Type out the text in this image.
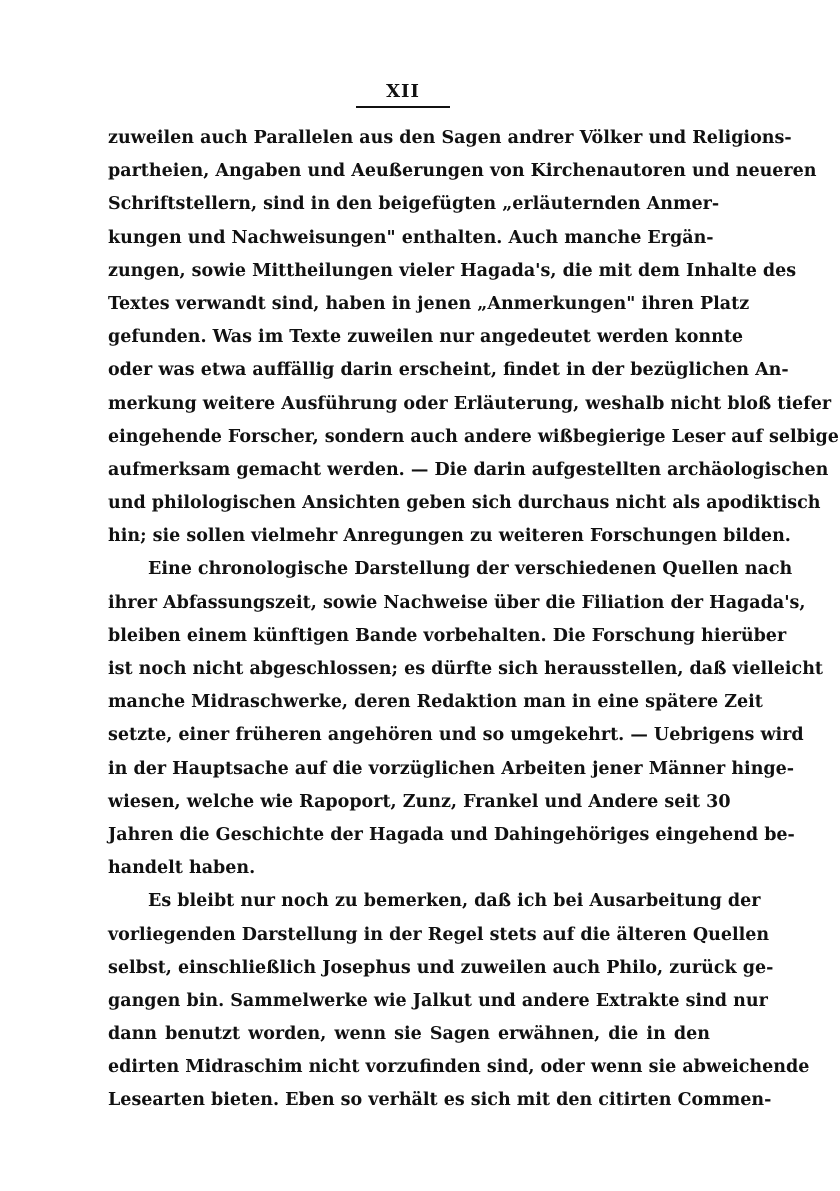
XII
zuweilen auch Parallelen aus den Sagen andrer Völker und Religions-
partheien, Angaben und Aeußerungen von Kirchenautoren und neueren
Schriftstellern, sind in den beigefügten „erläuternden Anmer-
kungen und Nachweisungen" enthalten. Auch manche Ergän-
zungen, sowie Mittheilungen vieler Hagada's, die mit dem Inhalte des
Textes verwandt sind, haben in jenen „Anmerkungen" ihren Platz
gefunden. Was im Texte zuweilen nur angedeutet werden konnte
oder was etwa auffällig darin erscheint, findet in der bezüglichen An-
merkung weitere Ausführung oder Erläuterung, weshalb nicht bloß tiefer
eingehende Forscher, sondern auch andere wißbegierige Leser auf selbige
aufmerksam gemacht werden. — Die darin aufgestellten archäologischen
und philologischen Ansichten geben sich durchaus nicht als apodiktisch
hin; sie sollen vielmehr Anregungen zu weiteren Forschungen bilden.
Eine chronologische Darstellung der verschiedenen Quellen nach
ihrer Abfassungszeit, sowie Nachweise über die Filiation der Hagada's,
bleiben einem künftigen Bande vorbehalten. Die Forschung hierüber
ist noch nicht abgeschlossen; es dürfte sich herausstellen, daß vielleicht
manche Midraschwerke, deren Redaktion man in eine spätere Zeit
setzte, einer früheren angehören und so umgekehrt. — Uebrigens wird
in der Hauptsache auf die vorzüglichen Arbeiten jener Männer hinge-
wiesen, welche wie Rapoport, Zunz, Frankel und Andere seit 30
Jahren die Geschichte der Hagada und Dahingehöriges eingehend be-
handelt haben.
Es bleibt nur noch zu bemerken, daß ich bei Ausarbeitung der
vorliegenden Darstellung in der Regel stets auf die älteren Quellen
selbst, einschließlich Josephus und zuweilen auch Philo, zurück ge-
gangen bin. Sammelwerke wie Jalkut und andere Extrakte sind nur
dann benutzt worden, wenn sie Sagen erwähnen, die in den
edirten Midraschim nicht vorzufinden sind, oder wenn sie abweichende
Lesearten bieten. Eben so verhält es sich mit den citirten Commen-
